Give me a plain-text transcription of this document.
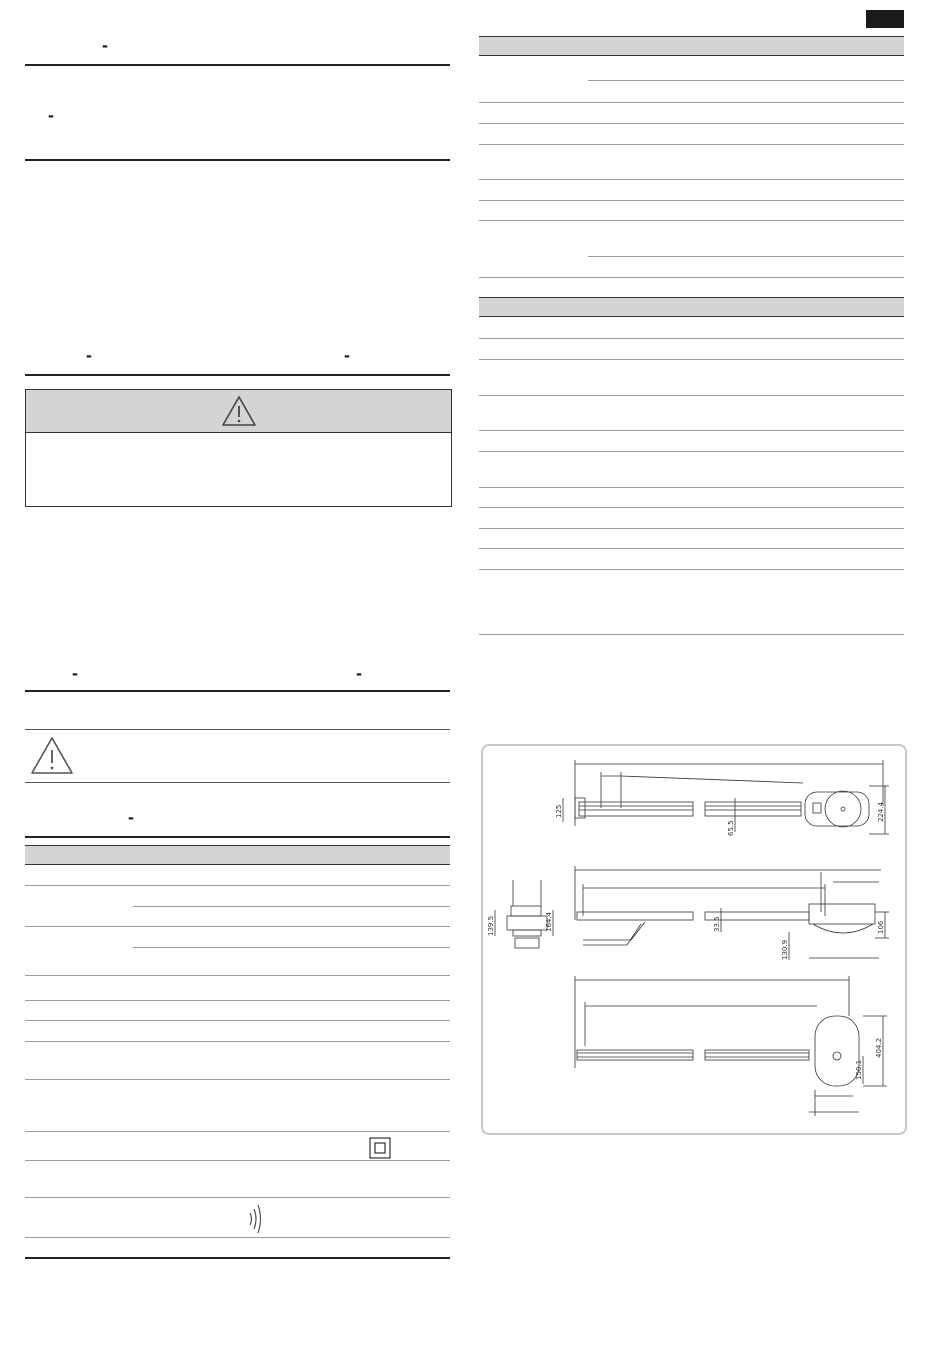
-
-
-	-
-	-
-	125
65.5
224.4
139.5	164.4	33.5
130.9
106
404.2
150.1
